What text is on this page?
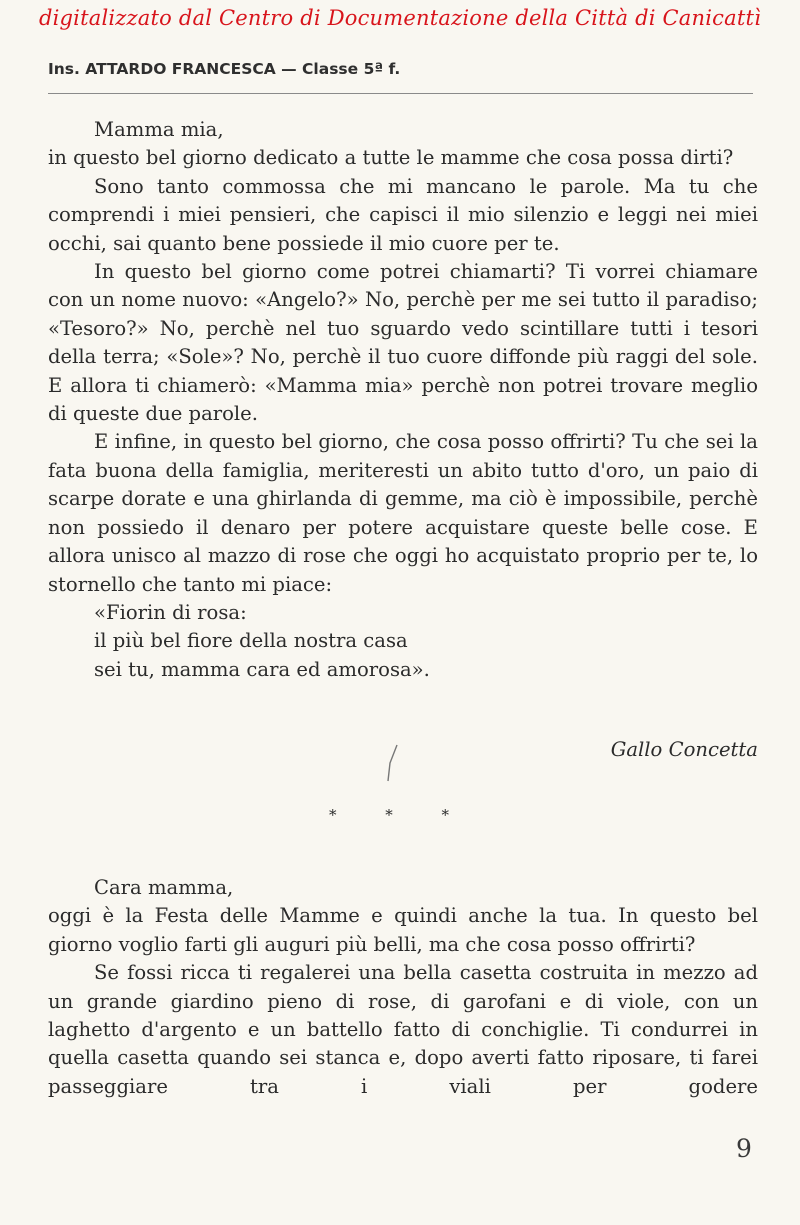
digitalizzato dal Centro di Documentazione della Città di Canicattì
Ins. ATTARDO FRANCESCA — Classe 5ª f.

Mamma mia,

in questo bel giorno dedicato a tutte le mamme che cosa possa dirti?

Sono tanto commossa che mi mancano le parole. Ma tu che comprendi i miei pensieri, che capisci il mio silenzio e leggi nei miei occhi, sai quanto bene possiede il mio cuore per te.

In questo bel giorno come potrei chiamarti? Ti vorrei chiamare con un nome nuovo: «Angelo?» No, perchè per me sei tutto il paradiso; «Tesoro?» No, perchè nel tuo sguardo vedo scintillare tutti i tesori della terra; «Sole»? No, perchè il tuo cuore diffonde più raggi del sole. E allora ti chiamerò: «Mamma mia» perchè non potrei trovare meglio di queste due parole.

E infine, in questo bel giorno, che cosa posso offrirti? Tu che sei la fata buona della famiglia, meriteresti un abito tutto d'oro, un paio di scarpe dorate e una ghirlanda di gemme, ma ciò è impossibile, perchè non possiedo il denaro per potere acquistare queste belle cose. E allora unisco al mazzo di rose che oggi ho acquistato proprio per te, lo stornello che tanto mi piace:

«Fiorin di rosa:

il più bel fiore della nostra casa

sei tu, mamma cara ed amorosa».

Gallo Concetta
* * *

Cara mamma,

oggi è la Festa delle Mamme e quindi anche la tua. In questo bel giorno voglio farti gli auguri più belli, ma che cosa posso offrirti?

Se fossi ricca ti regalerei una bella casetta costruita in mezzo ad un grande giardino pieno di rose, di garofani e di viole, con un laghetto d'argento e un battello fatto di conchiglie. Ti condurrei in quella casetta quando sei stanca e, dopo averti fatto riposare, ti farei passeggiare tra i viali per godere

9
